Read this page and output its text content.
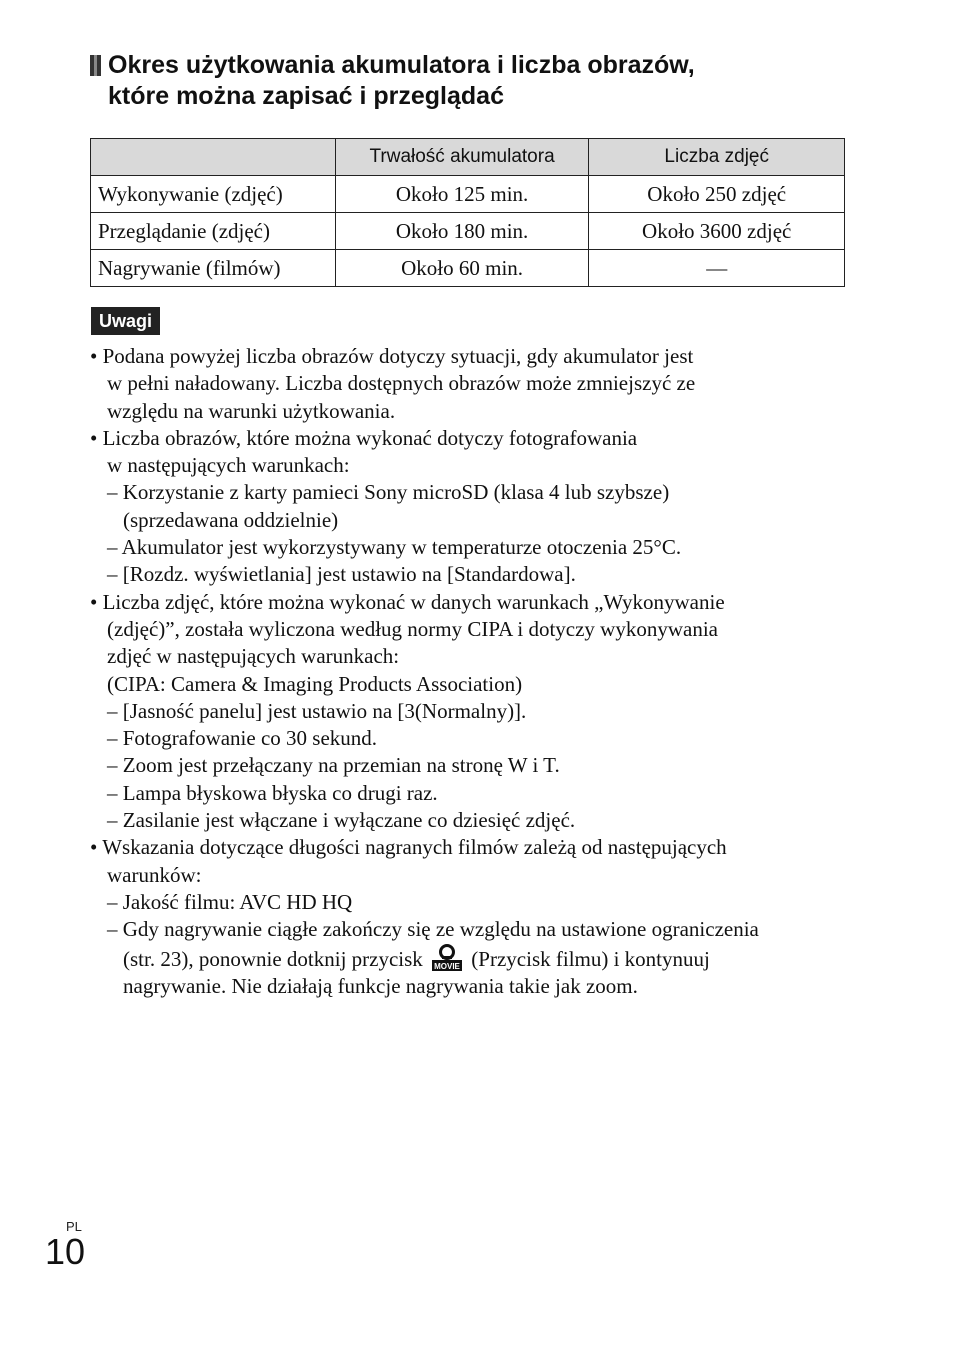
Okres użytkowania akumulatora i liczba obrazów,
które można zapisać i przeglądać
	Trwałość akumulatora	Liczba zdjęć
Wykonywanie (zdjęć)	Około 125 min.	Około 250 zdjęć
Przeglądanie (zdjęć)	Około 180 min.	Około 3600 zdjęć
Nagrywanie (filmów)	Około 60 min.	—
Uwagi
• Podana powyżej liczba obrazów dotyczy sytuacji, gdy akumulator jest
w pełni naładowany. Liczba dostępnych obrazów może zmniejszyć ze
względu na warunki użytkowania.
• Liczba obrazów, które można wykonać dotyczy fotografowania
w następujących warunkach:
– Korzystanie z karty pamieci Sony microSD (klasa 4 lub szybsze)
(sprzedawana oddzielnie)
– Akumulator jest wykorzystywany w temperaturze otoczenia 25°C.
– [Rozdz. wyświetlania] jest ustawio na [Standardowa].
• Liczba zdjęć, które można wykonać w danych warunkach „Wykonywanie
(zdjęć)”, została wyliczona według normy CIPA i dotyczy wykonywania
zdjęć w następujących warunkach:
(CIPA: Camera & Imaging Products Association)
– [Jasność panelu] jest ustawio na [3(Normalny)].
– Fotografowanie co 30 sekund.
– Zoom jest przełączany na przemian na stronę W i T.
– Lampa błyskowa błyska co drugi raz.
– Zasilanie jest włączane i wyłączane co dziesięć zdjęć.
• Wskazania dotyczące długości nagranych filmów zależą od następujących
warunków:
– Jakość filmu: AVC HD HQ
– Gdy nagrywanie ciągłe zakończy się ze względu na ustawione ograniczenia
(str. 23), ponownie dotknij przycisk MOVIE (Przycisk filmu) i kontynuuj
nagrywanie. Nie działają funkcje nagrywania takie jak zoom.
PL
10
